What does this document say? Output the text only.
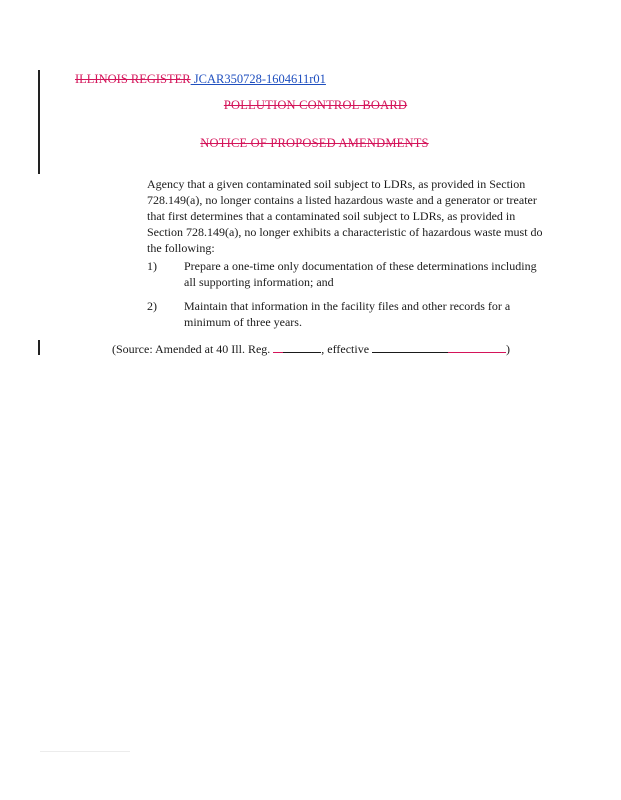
ILLINOIS REGISTER JCAR350728-1604611r01
POLLUTION CONTROL BOARD
NOTICE OF PROPOSED AMENDMENTS
Agency that a given contaminated soil subject to LDRs, as provided in Section 728.149(a), no longer contains a listed hazardous waste and a generator or treater that first determines that a contaminated soil subject to LDRs, as provided in Section 728.149(a), no longer exhibits a characteristic of hazardous waste must do the following:
1) Prepare a one-time only documentation of these determinations including all supporting information; and
2) Maintain that information in the facility files and other records for a minimum of three years.
(Source: Amended at 40 Ill. Reg.	, effective	)
